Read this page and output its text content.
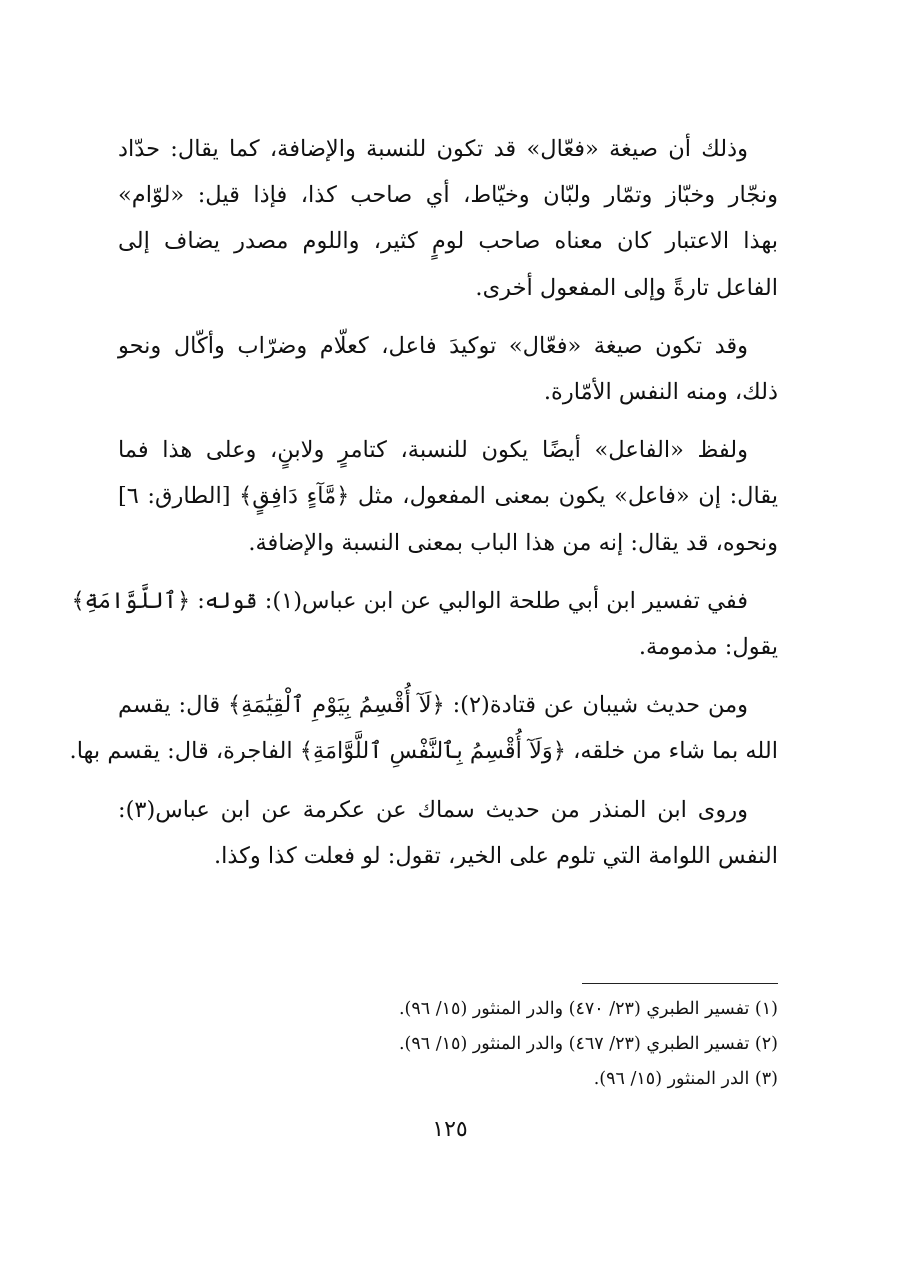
وذلك أن صيغة «فعّال» قد تكون للنسبة والإضافة، كما يقال: حدّاد
ونجّار وخبّاز وتمّار ولبّان وخيّاط، أي صاحب كذا، فإذا قيل: «لوّام»
بهذا الاعتبار كان معناه صاحب لومٍ كثير، واللوم مصدر يضاف إلى
الفاعل تارةً وإلى المفعول أخرى.
وقد تكون صيغة «فعّال» توكيدَ فاعل، كعلّام وضرّاب وأكّال ونحو
ذلك، ومنه النفس الأمّارة.
ولفظ «الفاعل» أيضًا يكون للنسبة، كتامرٍ ولابنٍ، وعلى هذا فما
يقال: إن «فاعل» يكون بمعنى المفعول، مثل ﴿مَّآءٍ دَافِقٍ﴾ [الطارق: ٦]
ونحوه، قد يقال: إنه من هذا الباب بمعنى النسبة والإضافة.
ففي تفسير ابن أبي طلحة الوالبي عن ابن عباس(١): قوله: ﴿ٱللَّوَّامَةِ﴾
يقول: مذمومة.
ومن حديث شيبان عن قتادة(٢): ﴿لَآ أُقْسِمُ بِيَوْمِ ٱلْقِيَٰمَةِ﴾ قال: يقسم
الله بما شاء من خلقه، ﴿وَلَآ أُقْسِمُ بِٱلنَّفْسِ ٱللَّوَّامَةِ﴾ الفاجرة، قال: يقسم بها.
وروى ابن المنذر من حديث سماك عن عكرمة عن ابن عباس(٣):
النفس اللوامة التي تلوم على الخير، تقول: لو فعلت كذا وكذا.
(١) تفسير الطبري (٢٣/ ٤٧٠) والدر المنثور (١٥/ ٩٦).
(٢) تفسير الطبري (٢٣/ ٤٦٧) والدر المنثور (١٥/ ٩٦).
(٣) الدر المنثور (١٥/ ٩٦).
١٢٥
